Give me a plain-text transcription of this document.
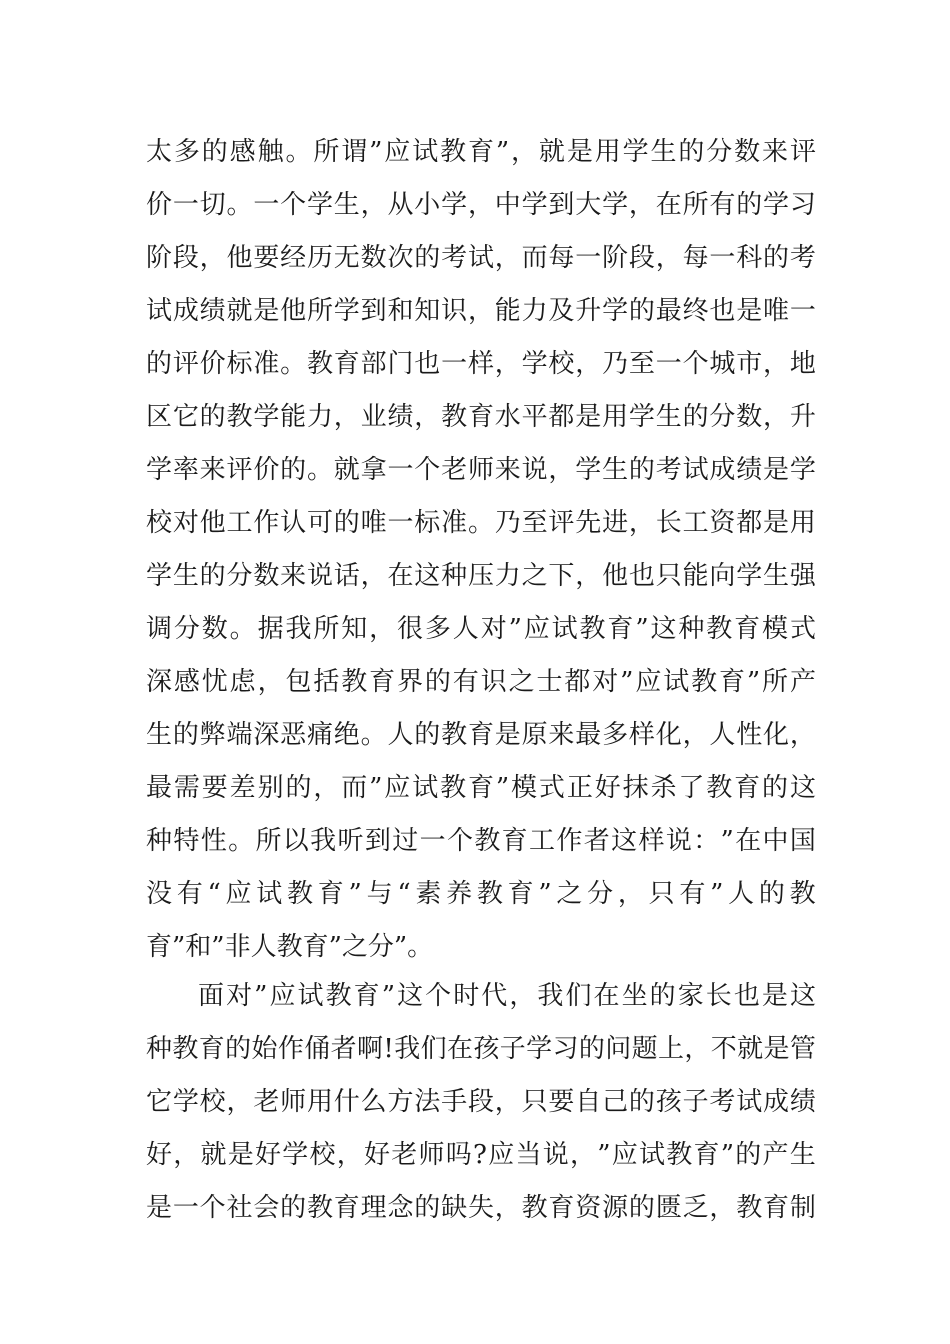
太 多 的 感 触 。 所 谓 ” 应 试 教 育 ” ， 就 是 用 学 生 的 分 数 来 评
价 一 切 。 一 个 学 生 ， 从 小 学 ， 中 学 到 大 学 ， 在 所 有 的 学 习
阶 段 ， 他 要 经 历 无 数 次 的 考 试 ， 而 每 一 阶 段 ， 每 一 科 的 考
试 成 绩 就 是 他 所 学 到 和 知 识 ， 能 力 及 升 学 的 最 终 也 是 唯 一
的 评 价 标 准 。 教 育 部 门 也 一 样 ， 学 校 ， 乃 至 一 个 城 市 ， 地
区 它 的 教 学 能 力 ， 业 绩 ， 教 育 水 平 都 是 用 学 生 的 分 数 ， 升
学 率 来 评 价 的 。 就 拿 一 个 老 师 来 说 ， 学 生 的 考 试 成 绩 是 学
校 对 他 工 作 认 可 的 唯 一 标 准 。 乃 至 评 先 进 ， 长 工 资 都 是 用
学 生 的 分 数 来 说 话 ， 在 这 种 压 力 之 下 ， 他 也 只 能 向 学 生 强
调 分 数 。 据 我 所 知 ， 很 多 人 对 ” 应 试 教 育 ” 这 种 教 育 模 式
深 感 忧 虑 ， 包 括 教 育 界 的 有 识 之 士 都 对 ” 应 试 教 育 ” 所 产
生 的 弊 端 深 恶 痛 绝 。 人 的 教 育 是 原 来 最 多 样 化 ， 人 性 化 ，
最 需 要 差 别 的 ， 而 ” 应 试 教 育 ” 模 式 正 好 抹 杀 了 教 育 的 这
种 特 性 。 所 以 我 听 到 过 一 个 教 育 工 作 者 这 样 说 ： ” 在 中 国
没 有 “ 应 试 教 育 ” 与 “ 素 养 教 育 ” 之 分 ， 只 有 ” 人 的 教
育”和”非人教育”之分”。
面 对 ” 应 试 教 育 ” 这 个 时 代 ， 我 们 在 坐 的 家 长 也 是 这
种 教 育 的 始 作 俑 者 啊 ! 我 们 在 孩 子 学 习 的 问 题 上 ， 不 就 是 管
它 学 校 ， 老 师 用 什 么 方 法 手 段 ， 只 要 自 己 的 孩 子 考 试 成 绩
好 ， 就 是 好 学 校 ， 好 老 师 吗 ? 应 当 说 ， ” 应 试 教 育 ” 的 产 生
是 一 个 社 会 的 教 育 理 念 的 缺 失 ， 教 育 资 源 的 匮 乏 ， 教 育 制
